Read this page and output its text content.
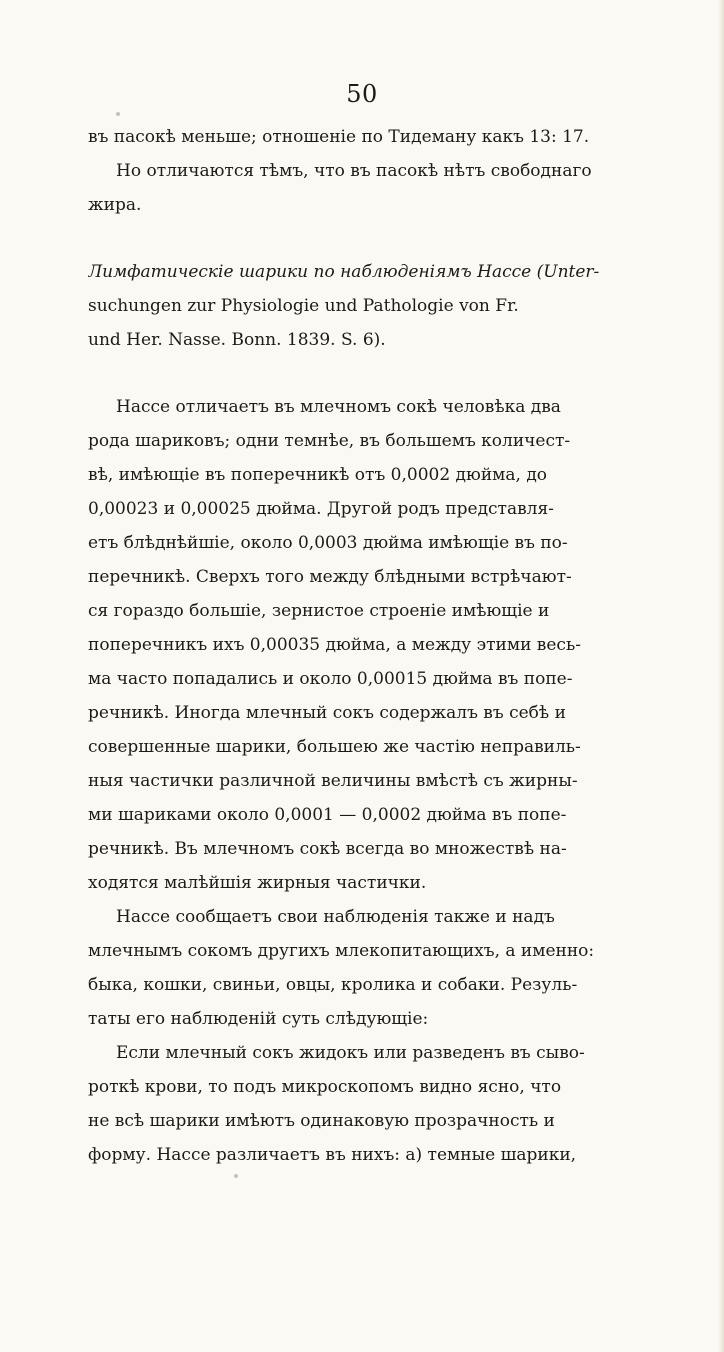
50
въ пасокѣ меньше; отношеніе по Тидеману какъ 13: 17.
Но отличаются тѣмъ, что въ пасокѣ нѣтъ свободнаго
жира.
Лимфатическіе шарики по наблюденіямъ Нассе (Unter-
suchungen zur Physiologie und Pathologie von Fr.
und Her. Nasse. Bonn. 1839. S. 6).
Нассе отличаетъ въ млечномъ сокѣ человѣка два
рода шариковъ; одни темнѣе, въ большемъ количест-
вѣ, имѣющіе въ поперечникѣ отъ 0,0002 дюйма, до
0,00023 и 0,00025 дюйма. Другой родъ представля-
етъ блѣднѣйшіе, около 0,0003 дюйма имѣющіе въ по-
перечникѣ. Сверхъ того между блѣдными встрѣчают-
ся гораздо большіе, зернистое строеніе имѣющіе и
поперечникъ ихъ 0,00035 дюйма, а между этими весь-
ма часто попадались и около 0,00015 дюйма въ попе-
речникѣ. Иногда млечный сокъ содержалъ въ себѣ и
совершенные шарики, большею же частію неправиль-
ныя частички различной величины вмѣстѣ съ жирны-
ми шариками около 0,0001 — 0,0002 дюйма въ попе-
речникѣ. Въ млечномъ сокѣ всегда во множествѣ на-
ходятся малѣйшія жирныя частички.
Нассе сообщаетъ свои наблюденія также и надъ
млечнымъ сокомъ другихъ млекопитающихъ, а именно:
быка, кошки, свиньи, овцы, кролика и собаки. Резуль-
таты его наблюденій суть слѣдующіе:
Если млечный сокъ жидокъ или разведенъ въ сыво-
роткѣ крови, то подъ микроскопомъ видно ясно, что
не всѣ шарики имѣютъ одинаковую прозрачность и
форму. Нассе различаетъ въ нихъ: а) темные шарики,
